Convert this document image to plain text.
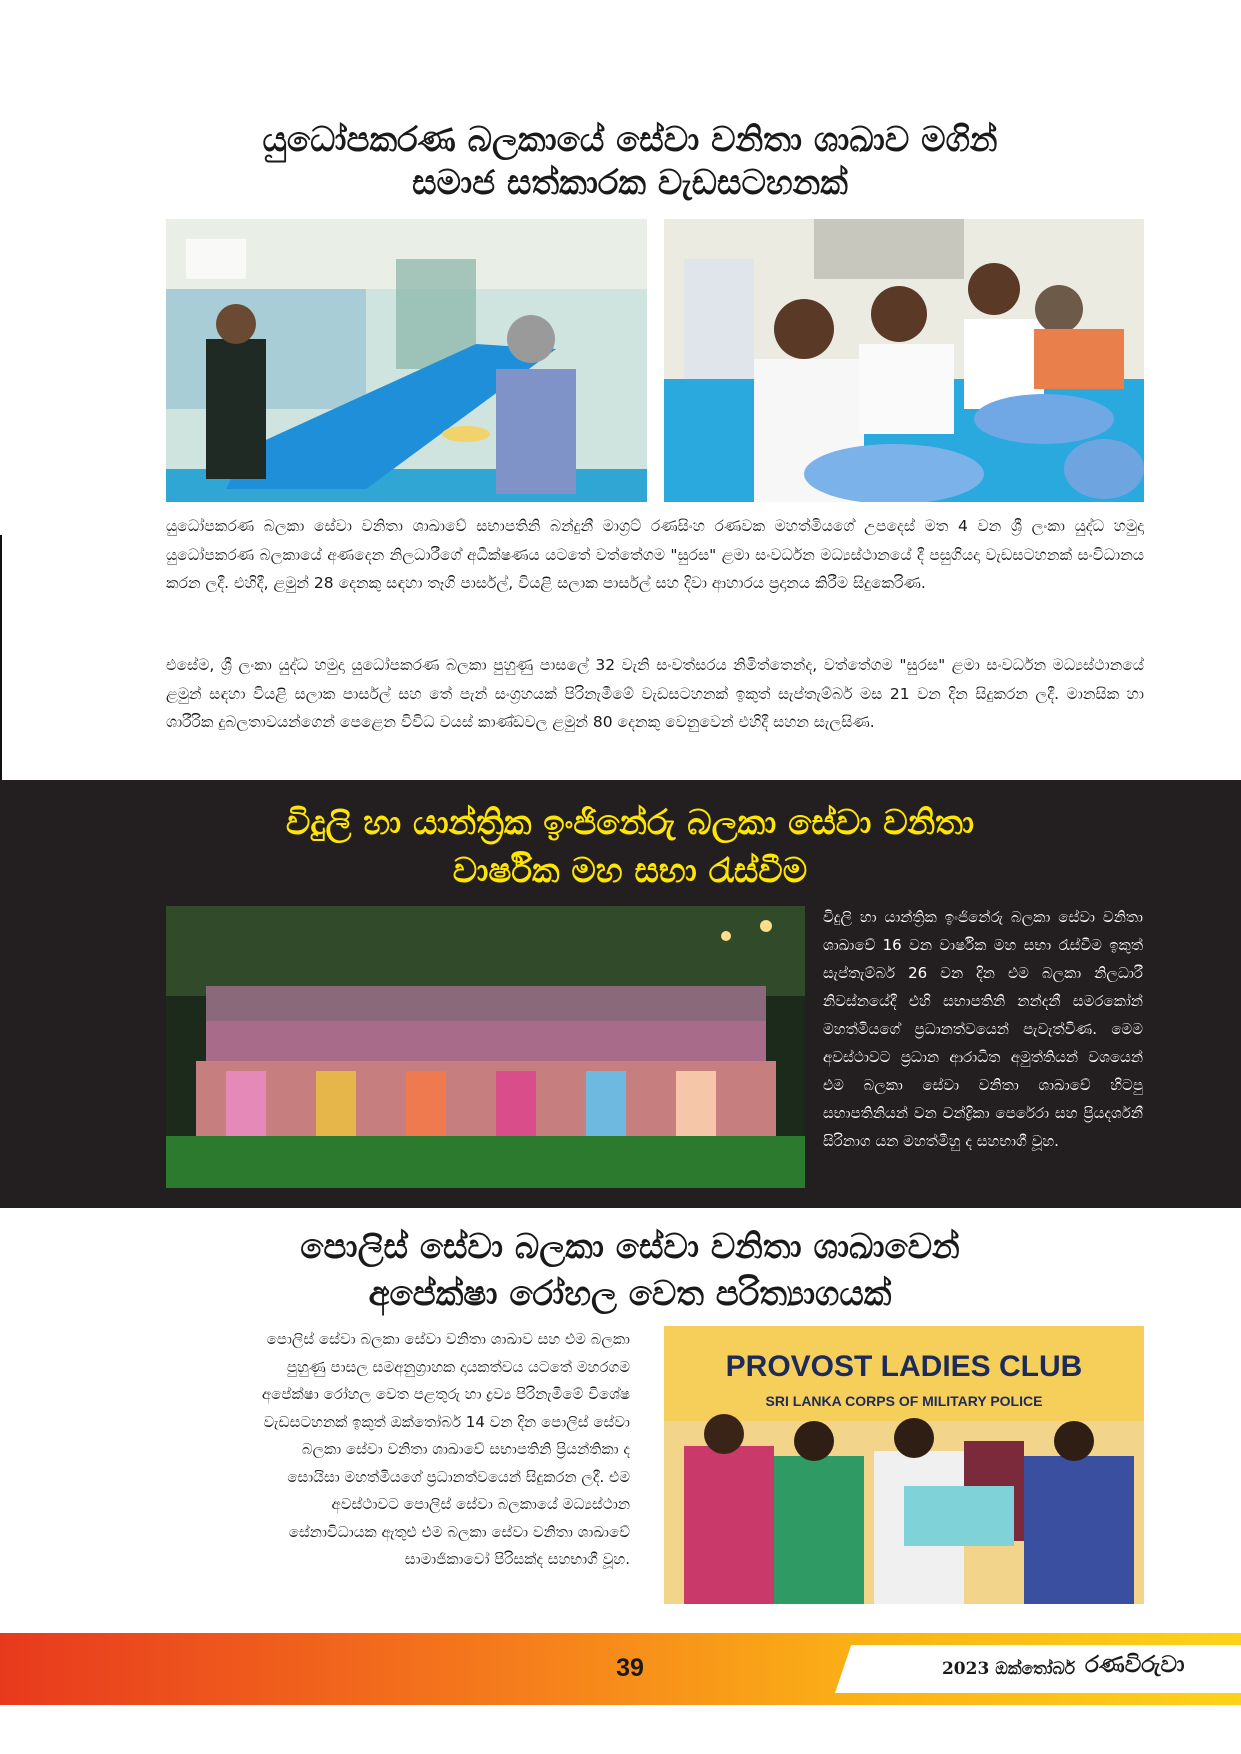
යුධෝපකරණ බලකායේ සේවා වනිතා ශාඛාව මගින්
සමාජ සත්කාරක වැඩසටහනක්

යුධෝපකරණ බලකා සේවා වනිතා ශාඛාවේ සභාපතිනි බන්දුනී මාග්‍රට් රණසිංහ රණවක මහත්මියගේ උපදෙස් මත 4 වන ශ්‍රී ලංකා යුද්ධ හමුදා යුධෝපකරණ බලකායේ අණදෙන නිලධාරීගේ අධීක්ෂණය යටතේ වත්තේගම "සුරස" ළමා සංවර්ධන මධ්‍යස්ථානයේ දී පසුගියදා වැඩසටහනක් සංවිධානය කරන ලදී. එහිදී, ළමුන් 28 දෙනකු සඳහා තෑගි පාර්සල්, වියළි සලාක පාර්සල් සහ දිවා ආහාරය ප්‍රදානය කිරීම සිදුකෙරිණ.

එසේම, ශ්‍රී ලංකා යුද්ධ හමුදා යුධෝපකරණ බලකා පුහුණු පාසලේ 32 වැනි සංවත්සරය නිමිත්තෙන්ද, වත්තේගම "සුරස" ළමා සංවර්ධන මධ්‍යස්ථානයේ ළමුන් සඳහා වියළි සලාක පාර්සල් සහ තේ පැන් සංග්‍රහයක් පිරිනැමීමේ වැඩසටහනක් ඉකුත් සැප්තැම්බර් මස 21 වන දින සිදුකරන ලදී. මානසික හා ශාරීරික දුබලතාවයන්ගෙන් පෙළෙන විවිධ වයස් කාණ්ඩවල ළමුන් 80 දෙනකු වෙනුවෙන් එහිදී සහන සැලසිණ.

විදුලි හා යාන්ත්‍රික ඉංජිනේරු බලකා සේවා වනිතා
වාර්ෂික මහ සභා රැස්වීම

විදුලි හා යාන්ත්‍රික ඉංජිනේරු බලකා සේවා වනිතා ශාඛාවේ 16 වන වාර්ෂික මහ සභා රැස්වීම ඉකුත් සැප්තැම්බර් 26 වන දින එම බලකා නිලධාරී නිවස්නයේදී එහි සභාපතිනි නන්දනී සමරකෝන් මහත්මියගේ ප්‍රධානත්වයෙන් පැවැත්විණ. මෙම අවස්ථාවට ප්‍රධාන ආරාධිත අමුත්තියන් වශයෙන් එම බලකා සේවා වනිතා ශාඛාවේ හිටපු සභාපතිනියන් වන චන්ද්‍රිකා පෙරේරා සහ ප්‍රියදර්ශනී සිරිනාග යන මහත්මීහු ද සහභාගී වූහ.

පොලිස් සේවා බලකා සේවා වනිතා ශාඛාවෙන්
අපේක්ෂා රෝහල වෙත පරිත්‍යාගයක්

පොලිස් සේවා බලකා සේවා වනිතා ශාඛාව සහ එම බලකා පුහුණු පාසල සමඅනුග්‍රාහක දායකත්වය යටතේ මහරගම අපේක්ෂා රෝහල වෙත පළතුරු හා ද්‍රව්‍ය පිරිනැමීමේ විශේෂ වැඩසටහනක් ඉකුත් ඔක්තෝබර් 14 වන දින පොලිස් සේවා බලකා සේවා වනිතා ශාඛාවේ සභාපතිනි ප්‍රියන්තිකා ද සොයිසා මහත්මියගේ ප්‍රධානත්වයෙන් සිදුකරන ලදී. එම අවස්ථාවට පොලිස් සේවා බලකායේ මධ්‍යස්ථාන සේනාවිධායක ඇතුළු එම බලකා සේවා වනිතා ශාඛාවේ සාමාජිකාවෝ පිරිසක්ද සහභාගී වූහ.

PROVOST LADIES CLUB
SRI LANKA CORPS OF MILITARY POLICE
39	2023 ඔක්තෝබර් රණවිරුවා
